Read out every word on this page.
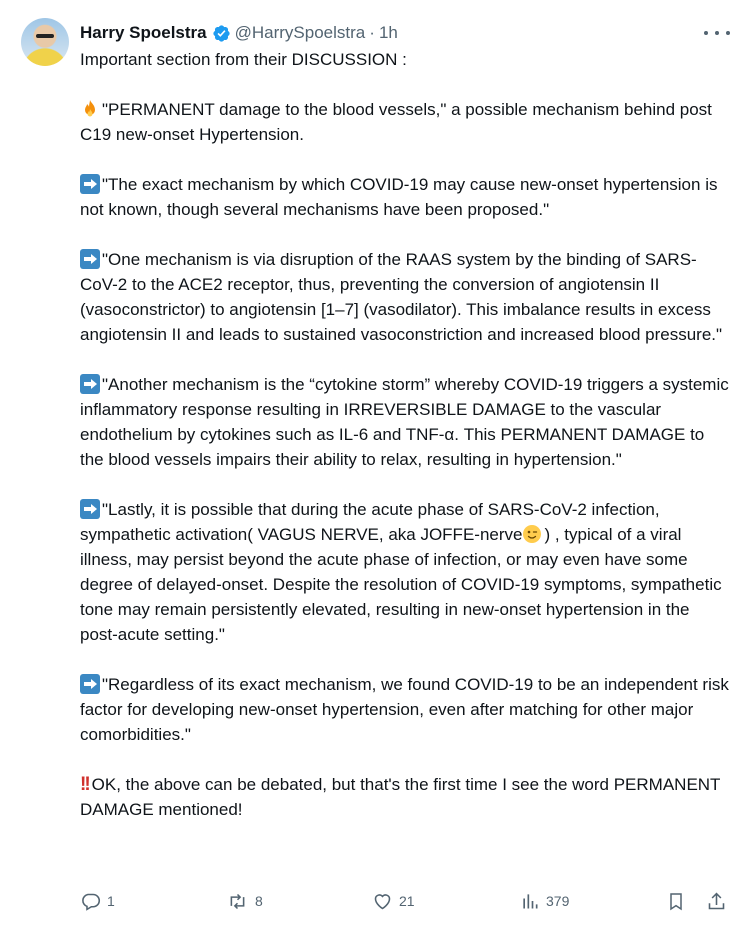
Harry Spoelstra @HarrySpoelstra · 1h

Important section from their DISCUSSION :

"PERMANENT damage to the blood vessels," a possible mechanism behind post C19 new-onset Hypertension.

"The exact mechanism by which COVID-19 may cause new-onset hypertension is not known, though several mechanisms have been proposed."

"One mechanism is via disruption of the RAAS system by the binding of SARS-CoV-2 to the ACE2 receptor, thus, preventing the conversion of angiotensin II (vasoconstrictor) to angiotensin [1–7] (vasodilator). This imbalance results in excess angiotensin II and leads to sustained vasoconstriction and increased blood pressure."

"Another mechanism is the “cytokine storm” whereby COVID-19 triggers a systemic inflammatory response resulting in IRREVERSIBLE DAMAGE to the vascular endothelium by cytokines such as IL-6 and TNF-α. This PERMANENT DAMAGE to the blood vessels impairs their ability to relax, resulting in hypertension."

"Lastly, it is possible that during the acute phase of SARS-CoV-2 infection, sympathetic activation( VAGUS NERVE, aka JOFFE-nerve ) , typical of a viral illness, may persist beyond the acute phase of infection, or may even have some degree of delayed-onset. Despite the resolution of COVID-19 symptoms, sympathetic tone may remain persistently elevated, resulting in new-onset hypertension in the post-acute setting."

"Regardless of its exact mechanism, we found COVID-19 to be an independent risk factor for developing new-onset hypertension, even after matching for other major comorbidities."

!! OK, the above can be debated, but that's the first time I see the word PERMANENT DAMAGE mentioned!

1	8	21	379
